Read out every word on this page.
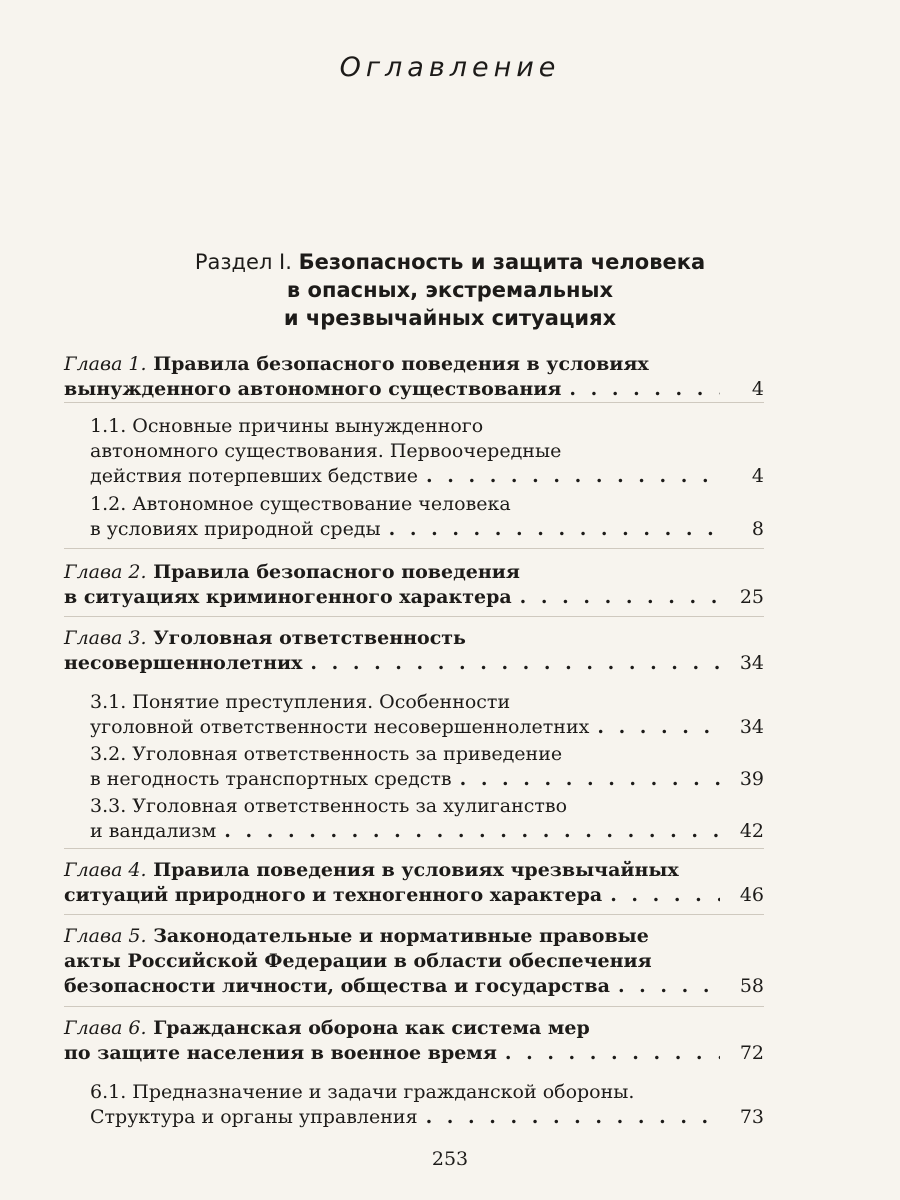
Оглавление
Раздел I. Безопасность и защита человека
в опасных, экстремальных
и чрезвычайных ситуациях
Глава 1. Правила безопасного поведения в условиях
вынужденного автономного существования . . .	4
1.1. Основные причины вынужденного
автономного существования. Первоочередные
действия потерпевших бедствие . . .	4
1.2. Автономное существование человека
в условиях природной среды . . .	8
Глава 2. Правила безопасного поведения
в ситуациях криминогенного характера . . .	25
Глава 3. Уголовная ответственность
несовершеннолетних . . .	34
3.1. Понятие преступления. Особенности
уголовной ответственности несовершеннолетних . . .	34
3.2. Уголовная ответственность за приведение
в негодность транспортных средств . . .	39
3.3. Уголовная ответственность за хулиганство
и вандализм . . .	42
Глава 4. Правила поведения в условиях чрезвычайных
ситуаций природного и техногенного характера . . .	46
Глава 5. Законодательные и нормативные правовые
акты Российской Федерации в области обеспечения
безопасности личности, общества и государства . . .	58
Глава 6. Гражданская оборона как система мер
по защите населения в военное время . . .	72
6.1. Предназначение и задачи гражданской обороны.
Структура и органы управления . . .	73
253
